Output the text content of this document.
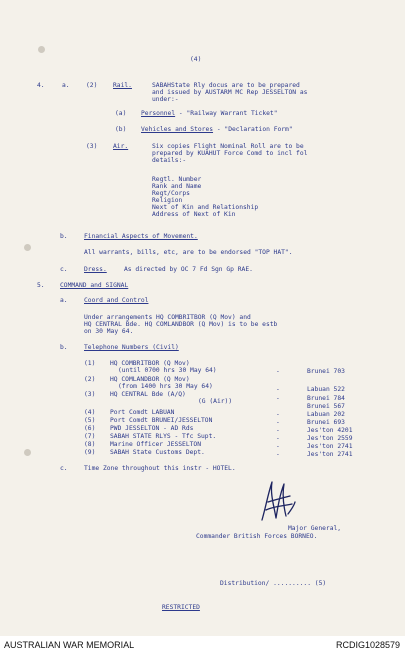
(4)
4.	a.	(2) Rail.	SABAHState Rly docus are to be prepared
and issued by AUSTARM MC Rep JESSELTON as
under:-
(a) Personnel - "Railway Warrant Ticket"
(b) Vehicles and Stores - "Declaration Form"
(3) Air.	Six copies Flight Nominal Roll are to be
prepared by KUAHUT Force Comd to incl fol
details:-
Regtl. Number
Rank and Name
Regt/Corps
Religion
Next of Kin and Relationship
Address of Next of Kin
b.	Financial Aspects of Movement.
All warrants, bills, etc, are to be endorsed "TOP HAT".
c.	Dress.	As directed by OC 7 Fd Sgn Gp RAE.
5. COMMAND and SIGNAL
a.	Coord and Control
Under arrangements HQ COMBRITBOR (Q Mov) and
HQ CENTRAL Bde. HQ COMLANDBOR (Q Mov) is to be estb
on 30 May 64.
b.	Telephone Numbers (Civil)
(1) HQ COMBRITBOR (Q Mov)
(until 0700 hrs 30 May 64)	-	Brunei 703
(2) HQ COMLANDBOR (Q Mov)
(from 1400 hrs 30 May 64)	-	Labuan 522
(3) HQ CENTRAL Bde (A/Q)
(G (Air))	-	Brunei 784
Brunei 567
(4) Port Comdt LABUAN	-	Labuan 202
(5) Port Comdt BRUNEI/JESSELTON	-	Brunei 693
(6) PWD JESSELTON - AD Rds	-	Jes'ton 4201
(7) SABAH STATE RLYS - Tfc Supt.	-	Jes'ton 2559
(8) Marine Officer JESSELTON	-	Jes'ton 2741
(9) SABAH State Customs Dept.	-	Jes'ton 2741
c.	Time Zone throughout this instr - HOTEL.
Major General,
Commander British Forces BORNEO.
Distribution/ .......... (5)
RESTRICTED
AUSTRALIAN WAR MEMORIAL	RCDIG1028579
